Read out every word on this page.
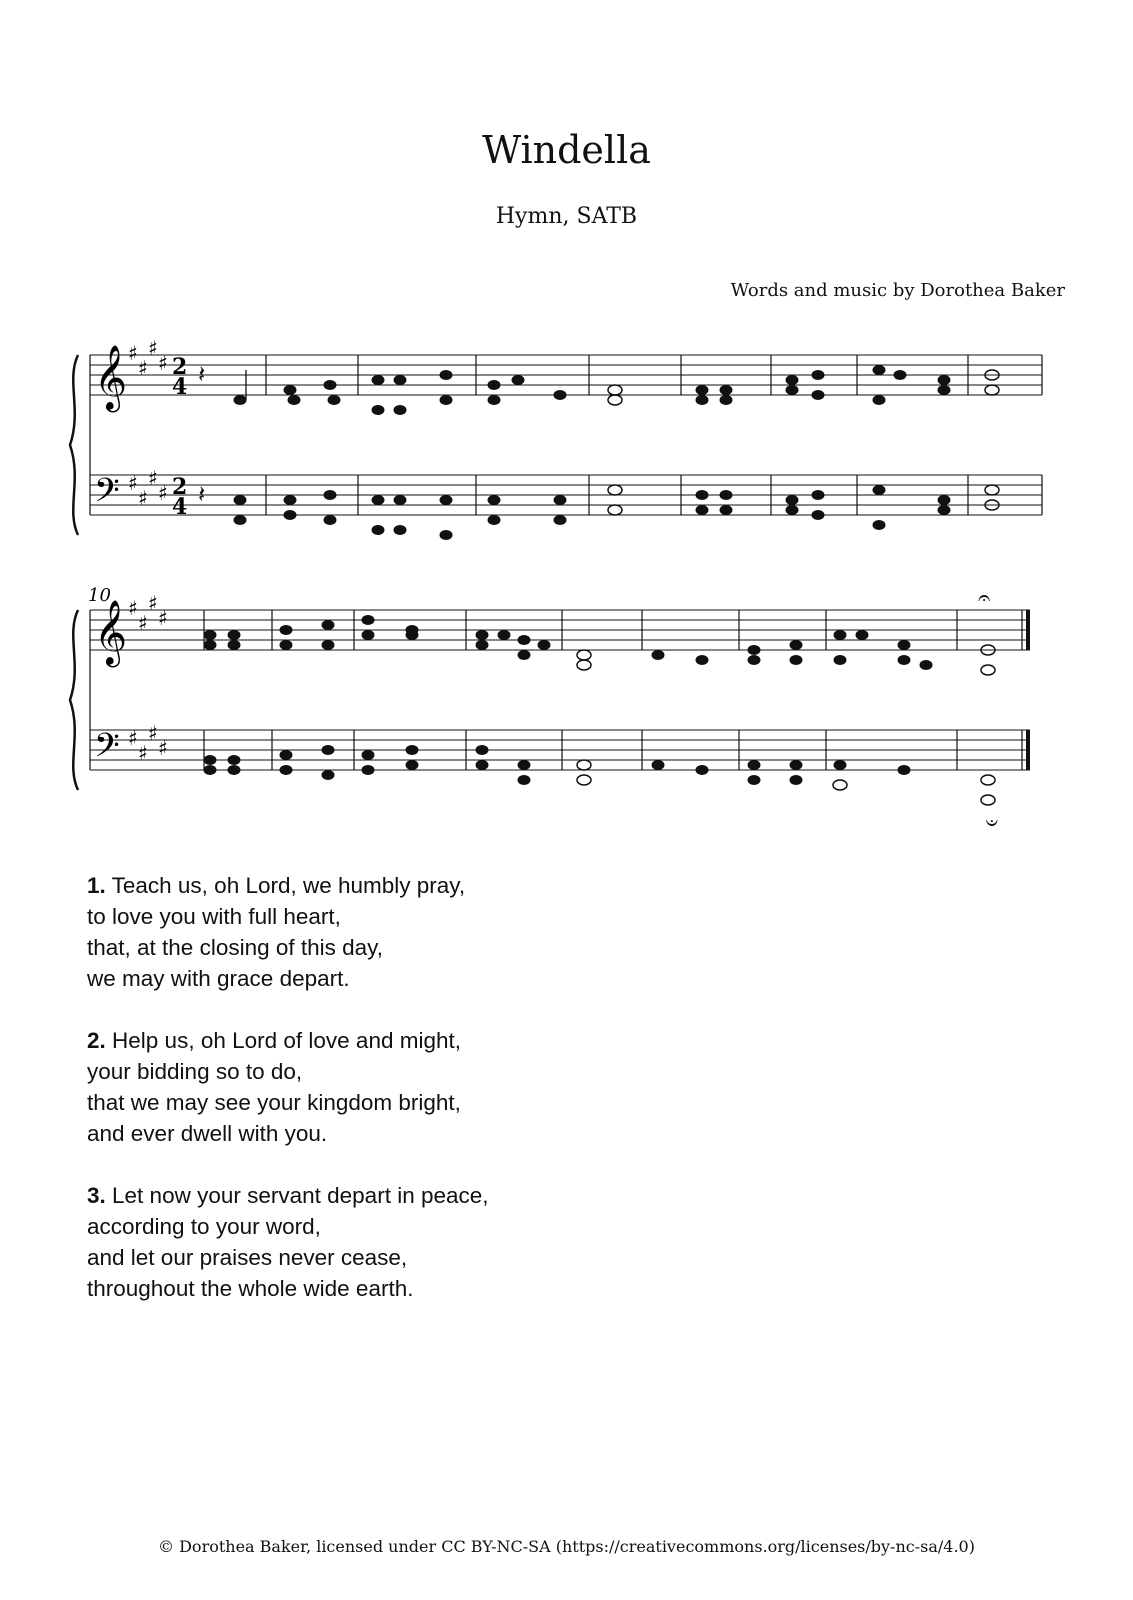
Windella
Hymn, SATB
Words and music by Dorothea Baker
𝄞
𝄢
♯
♯
♯
♯
♯
♯
♯
♯
2
4
2
4
𝄽
𝄽
10
𝄞
𝄢
♯
♯
♯
♯
♯
♯
♯
♯
𝄐
𝄐

1. Teach us, oh Lord, we humbly pray,

to love you with full heart,

that, at the closing of this day,

we may with grace depart.

2. Help us, oh Lord of love and might,

your bidding so to do,

that we may see your kingdom bright,

and ever dwell with you.

3. Let now your servant depart in peace,

according to your word,

and let our praises never cease,

throughout the whole wide earth.

© Dorothea Baker, licensed under CC BY-NC-SA (https://creativecommons.org/licenses/by-nc-sa/4.0)
